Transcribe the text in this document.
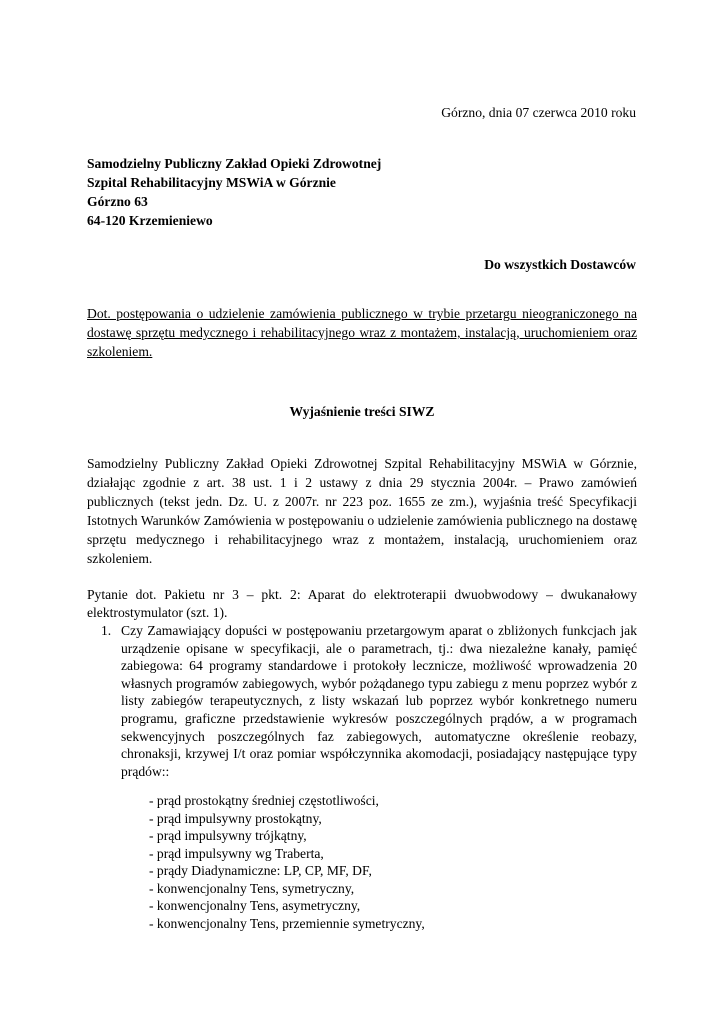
Górzno, dnia 07 czerwca 2010 roku
Samodzielny Publiczny Zakład Opieki Zdrowotnej
Szpital Rehabilitacyjny MSWiA w Górznie
Górzno 63
64-120 Krzemieniewo
Do wszystkich Dostawców
Dot. postępowania o udzielenie zamówienia publicznego w trybie przetargu nieograniczonego na dostawę sprzętu medycznego i rehabilitacyjnego wraz z montażem, instalacją, uruchomieniem oraz szkoleniem.
Wyjaśnienie treści SIWZ
Samodzielny Publiczny Zakład Opieki Zdrowotnej Szpital Rehabilitacyjny MSWiA w Górznie, działając zgodnie z art. 38 ust. 1 i 2 ustawy z dnia 29 stycznia 2004r. – Prawo zamówień publicznych (tekst jedn. Dz. U. z 2007r. nr 223 poz. 1655 ze zm.), wyjaśnia treść Specyfikacji Istotnych Warunków Zamówienia w postępowaniu o udzielenie zamówienia publicznego na dostawę sprzętu medycznego i rehabilitacyjnego wraz z montażem, instalacją, uruchomieniem oraz szkoleniem.
Pytanie dot. Pakietu nr 3 – pkt. 2: Aparat do elektroterapii dwuobwodowy – dwukanałowy elektrostymulator (szt. 1).
1. Czy Zamawiający dopuści w postępowaniu przetargowym aparat o zbliżonych funkcjach jak urządzenie opisane w specyfikacji, ale o parametrach, tj.: dwa niezależne kanały, pamięć zabiegowa: 64 programy standardowe i protokoły lecznicze, możliwość wprowadzenia 20 własnych programów zabiegowych, wybór pożądanego typu zabiegu z menu poprzez wybór z listy zabiegów terapeutycznych, z listy wskazań lub poprzez wybór konkretnego numeru programu, graficzne przedstawienie wykresów poszczególnych prądów, a w programach sekwencyjnych poszczególnych faz zabiegowych, automatyczne określenie reobazy, chronaksji, krzywej I/t oraz pomiar współczynnika akomodacji, posiadający następujące typy prądów::
- prąd prostokątny średniej częstotliwości,
- prąd impulsywny prostokątny,
- prąd impulsywny trójkątny,
- prąd impulsywny wg Traberta,
- prądy Diadynamiczne: LP, CP, MF, DF,
- konwencjonalny Tens, symetryczny,
- konwencjonalny Tens, asymetryczny,
- konwencjonalny Tens, przemiennie symetryczny,
